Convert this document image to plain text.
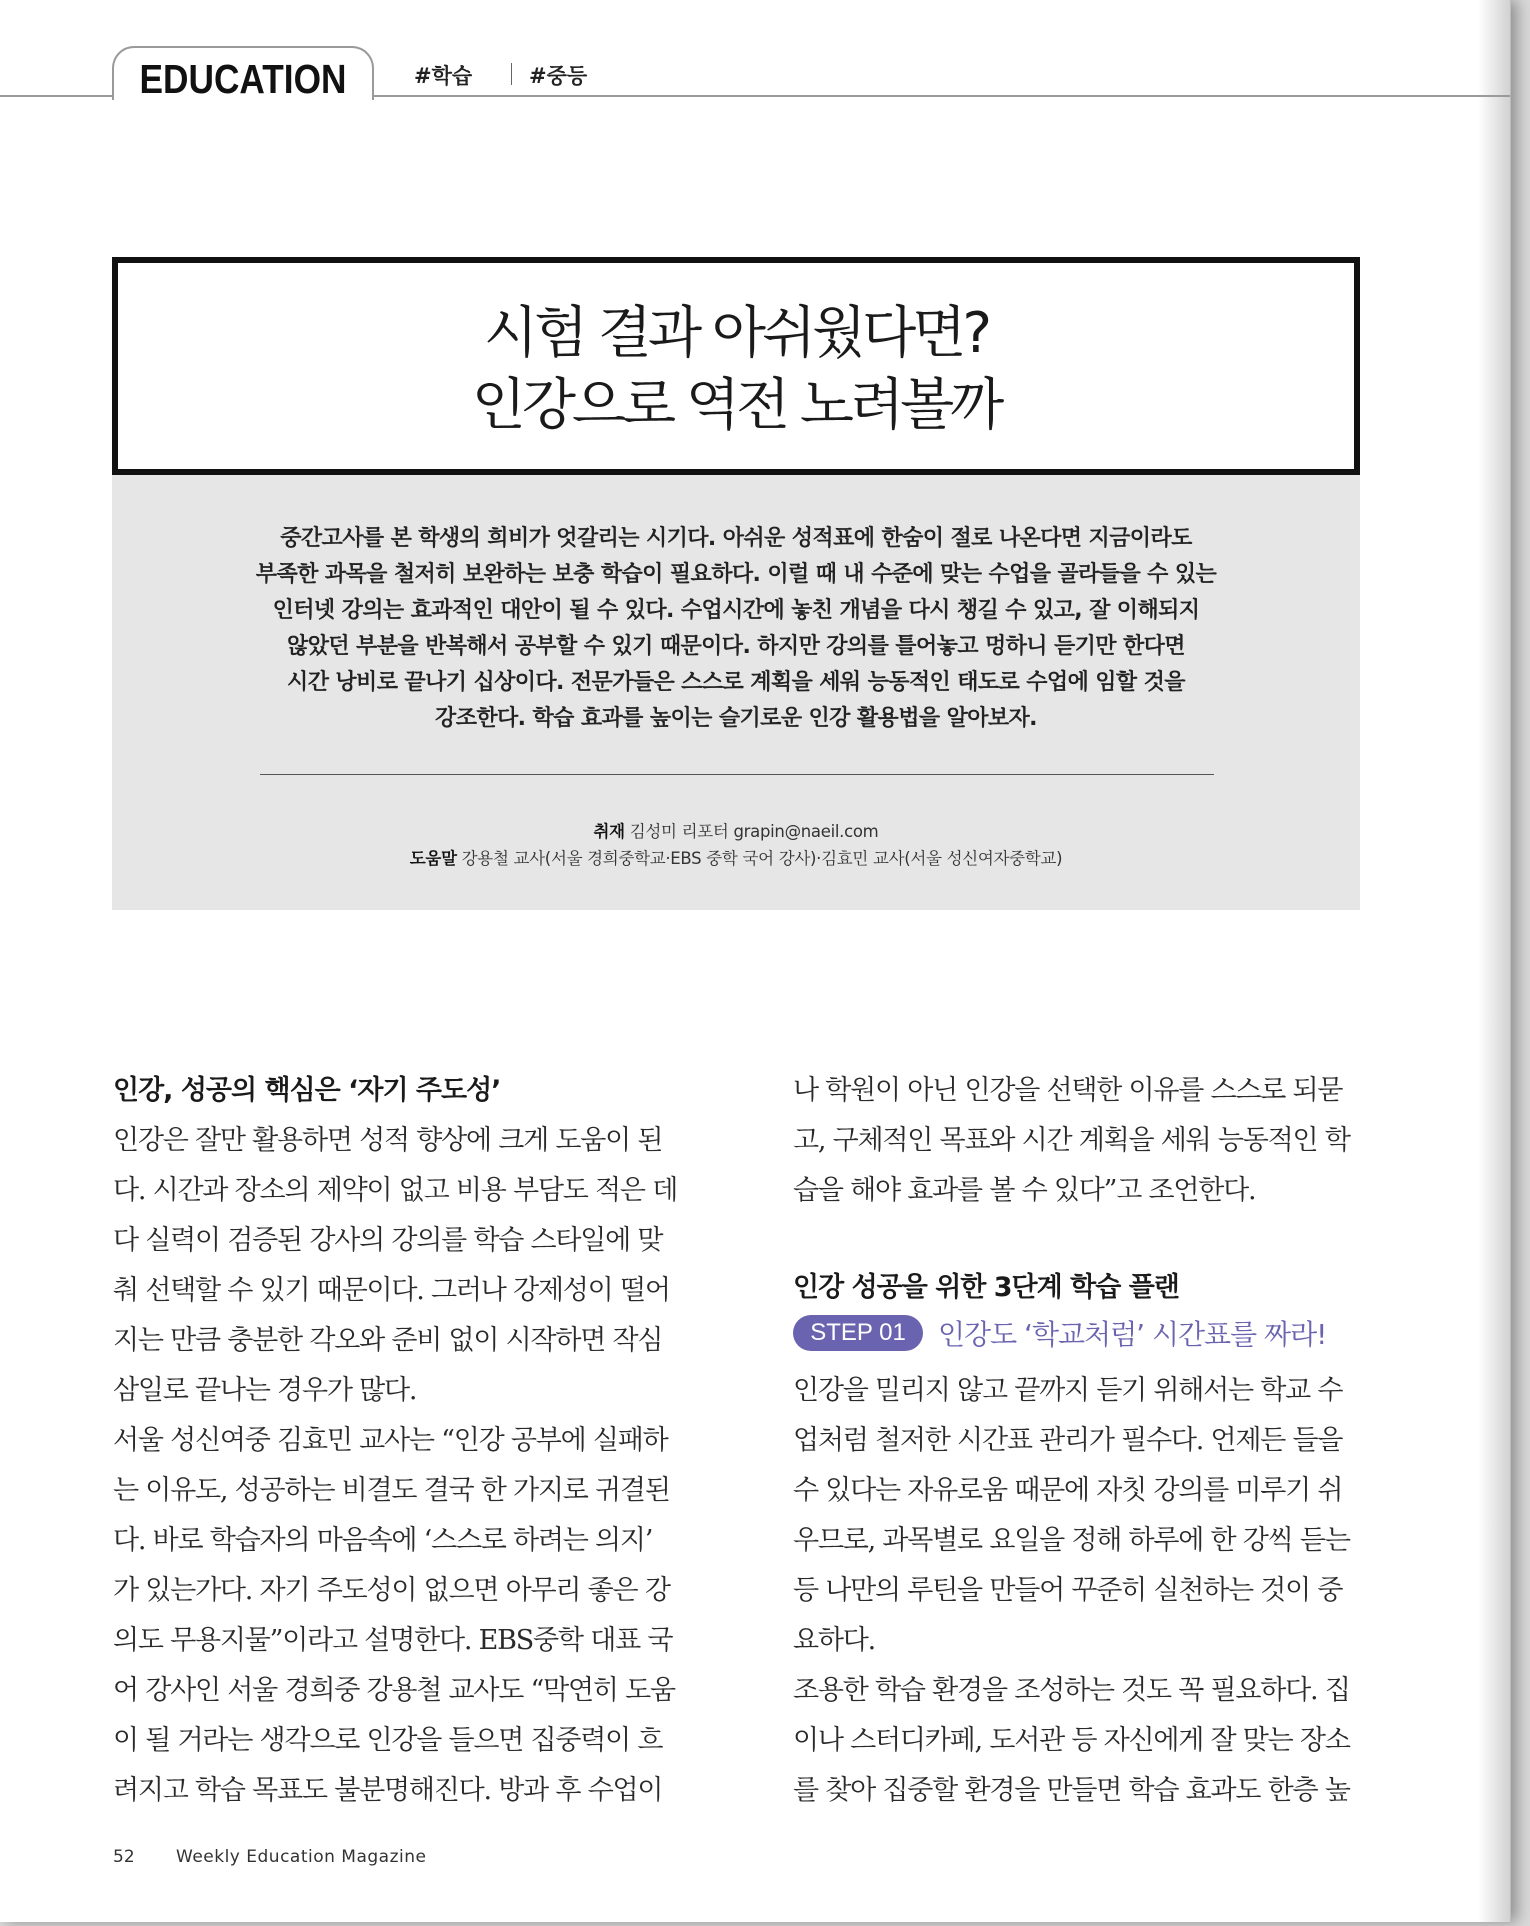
EDUCATION	#학습	#중등
시험 결과 아쉬웠다면?
인강으로 역전 노려볼까
중간고사를 본 학생의 희비가 엇갈리는 시기다. 아쉬운 성적표에 한숨이 절로 나온다면 지금이라도
부족한 과목을 철저히 보완하는 보충 학습이 필요하다. 이럴 때 내 수준에 맞는 수업을 골라들을 수 있는
인터넷 강의는 효과적인 대안이 될 수 있다. 수업시간에 놓친 개념을 다시 챙길 수 있고, 잘 이해되지
않았던 부분을 반복해서 공부할 수 있기 때문이다. 하지만 강의를 틀어놓고 멍하니 듣기만 한다면
시간 낭비로 끝나기 십상이다. 전문가들은 스스로 계획을 세워 능동적인 태도로 수업에 임할 것을
강조한다. 학습 효과를 높이는 슬기로운 인강 활용법을 알아보자.
취재 김성미 리포터 grapin@naeil.com
도움말 강용철 교사(서울 경희중학교·EBS 중학 국어 강사)·김효민 교사(서울 성신여자중학교)
인강, 성공의 핵심은 ‘자기 주도성’
인강은 잘만 활용하면 성적 향상에 크게 도움이 된
다. 시간과 장소의 제약이 없고 비용 부담도 적은 데
다 실력이 검증된 강사의 강의를 학습 스타일에 맞
춰 선택할 수 있기 때문이다. 그러나 강제성이 떨어
지는 만큼 충분한 각오와 준비 없이 시작하면 작심
삼일로 끝나는 경우가 많다.
서울 성신여중 김효민 교사는 “인강 공부에 실패하
는 이유도, 성공하는 비결도 결국 한 가지로 귀결된
다. 바로 학습자의 마음속에 ‘스스로 하려는 의지’
가 있는가다. 자기 주도성이 없으면 아무리 좋은 강
의도 무용지물”이라고 설명한다. EBS중학 대표 국
어 강사인 서울 경희중 강용철 교사도 “막연히 도움
이 될 거라는 생각으로 인강을 들으면 집중력이 흐
려지고 학습 목표도 불분명해진다. 방과 후 수업이
나 학원이 아닌 인강을 선택한 이유를 스스로 되묻
고, 구체적인 목표와 시간 계획을 세워 능동적인 학
습을 해야 효과를 볼 수 있다”고 조언한다.
인강 성공을 위한 3단계 학습 플랜
STEP 01	인강도 ‘학교처럼’ 시간표를 짜라!
인강을 밀리지 않고 끝까지 듣기 위해서는 학교 수
업처럼 철저한 시간표 관리가 필수다. 언제든 들을
수 있다는 자유로움 때문에 자칫 강의를 미루기 쉬
우므로, 과목별로 요일을 정해 하루에 한 강씩 듣는
등 나만의 루틴을 만들어 꾸준히 실천하는 것이 중
요하다.
조용한 학습 환경을 조성하는 것도 꼭 필요하다. 집
이나 스터디카페, 도서관 등 자신에게 잘 맞는 장소
를 찾아 집중할 환경을 만들면 학습 효과도 한층 높
52 Weekly Education Magazine
